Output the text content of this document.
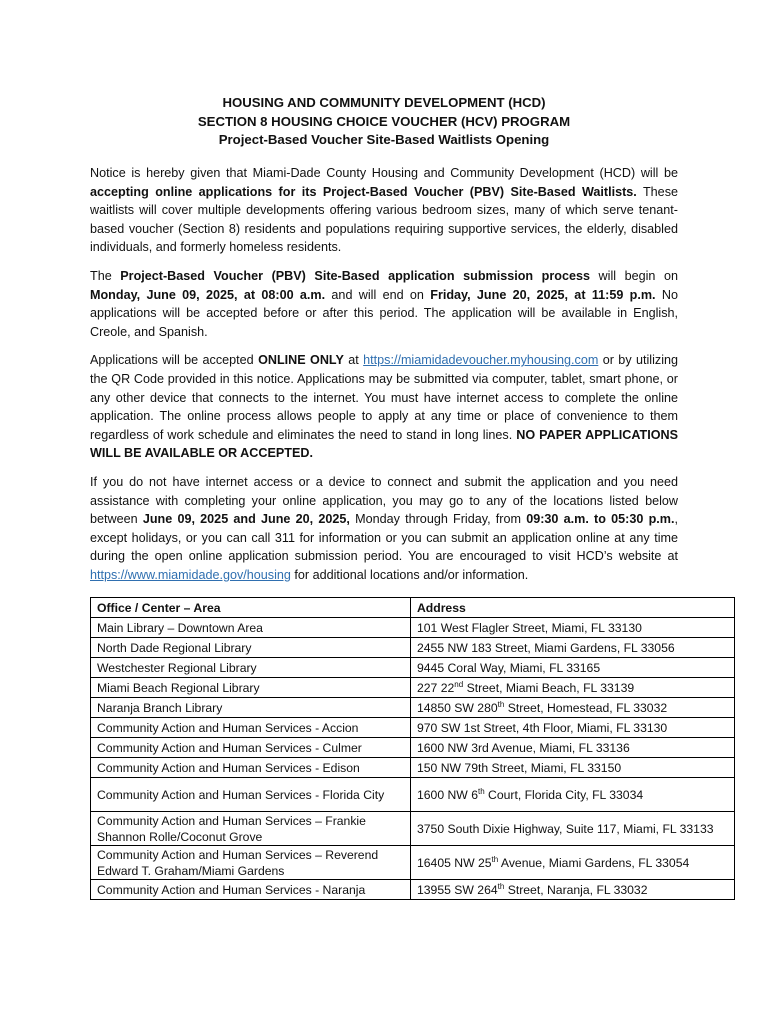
HOUSING AND COMMUNITY DEVELOPMENT (HCD)
SECTION 8 HOUSING CHOICE VOUCHER (HCV) PROGRAM
Project-Based Voucher Site-Based Waitlists Opening

Notice is hereby given that Miami-Dade County Housing and Community Development (HCD) will be accepting online applications for its Project-Based Voucher (PBV) Site-Based Waitlists. These waitlists will cover multiple developments offering various bedroom sizes, many of which serve tenant-based voucher (Section 8) residents and populations requiring supportive services, the elderly, disabled individuals, and formerly homeless residents.

The Project-Based Voucher (PBV) Site-Based application submission process will begin on Monday, June 09, 2025, at 08:00 a.m. and will end on Friday, June 20, 2025, at 11:59 p.m. No applications will be accepted before or after this period. The application will be available in English, Creole, and Spanish.

Applications will be accepted ONLINE ONLY at https://miamidadevoucher.myhousing.com or by utilizing the QR Code provided in this notice. Applications may be submitted via computer, tablet, smart phone, or any other device that connects to the internet. You must have internet access to complete the online application. The online process allows people to apply at any time or place of convenience to them regardless of work schedule and eliminates the need to stand in long lines. NO PAPER APPLICATIONS WILL BE AVAILABLE OR ACCEPTED.

If you do not have internet access or a device to connect and submit the application and you need assistance with completing your online application, you may go to any of the locations listed below between June 09, 2025 and June 20, 2025, Monday through Friday, from 09:30 a.m. to 05:30 p.m., except holidays, or you can call 311 for information or you can submit an application online at any time during the open online application submission period. You are encouraged to visit HCD’s website at https://www.miamidade.gov/housing for additional locations and/or information.

Office / Center – Area	Address
Main Library – Downtown Area	101 West Flagler Street, Miami, FL 33130
North Dade Regional Library	2455 NW 183 Street, Miami Gardens, FL 33056
Westchester Regional Library	9445 Coral Way, Miami, FL 33165
Miami Beach Regional Library	227 22nd Street, Miami Beach, FL 33139
Naranja Branch Library	14850 SW 280th Street, Homestead, FL 33032
Community Action and Human Services - Accion	970 SW 1st Street, 4th Floor, Miami, FL 33130
Community Action and Human Services - Culmer	1600 NW 3rd Avenue, Miami, FL 33136
Community Action and Human Services - Edison	150 NW 79th Street, Miami, FL 33150
Community Action and Human Services - Florida City	1600 NW 6th Court, Florida City, FL 33034
Community Action and Human Services – Frankie Shannon Rolle/Coconut Grove	3750 South Dixie Highway, Suite 117, Miami, FL 33133
Community Action and Human Services – Reverend Edward T. Graham/Miami Gardens	16405 NW 25th Avenue, Miami Gardens, FL 33054
Community Action and Human Services - Naranja	13955 SW 264th Street, Naranja, FL 33032
